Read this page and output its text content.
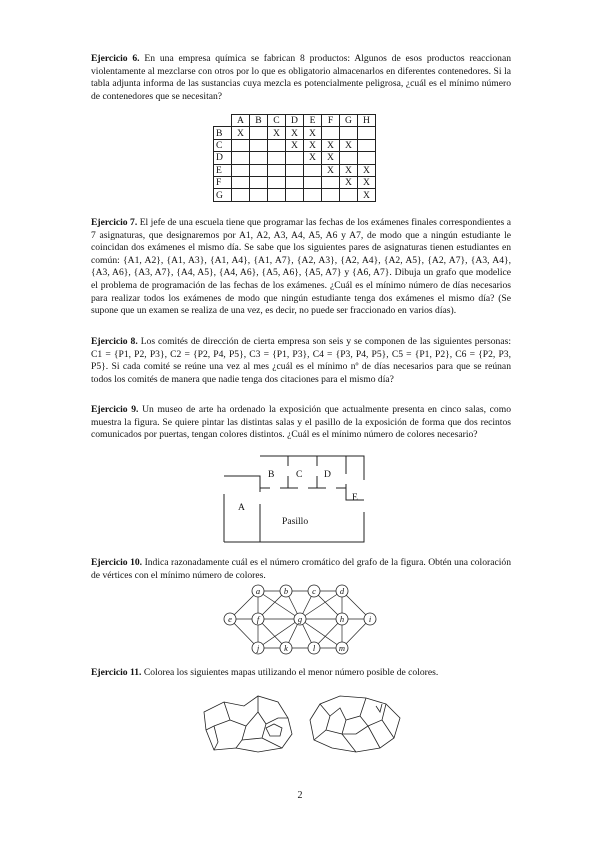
Ejercicio 6. En una empresa química se fabrican 8 productos: Algunos de esos productos reaccionan violentamente al mezclarse con otros por lo que es obligatorio almacenarlos en diferentes contenedores. Si la tabla adjunta informa de las sustancias cuya mezcla es potencialmente peligrosa, ¿cuál es el mínimo número de contenedores que se necesitan?
	A	B	C	D	E	F	G	H
B	X		X	X	X			
C				X	X	X	X	
D					X	X		
E						X	X	X
F							X	X
G								X
Ejercicio 7. El jefe de una escuela tiene que programar las fechas de los exámenes finales correspondientes a 7 asignaturas, que designaremos por A1, A2, A3, A4, A5, A6 y A7, de modo que a ningún estudiante le coincidan dos exámenes el mismo día. Se sabe que los siguientes pares de asignaturas tienen estudiantes en común: {A1, A2}, {A1, A3}, {A1, A4}, {A1, A7}, {A2, A3}, {A2, A4}, {A2, A5}, {A2, A7}, {A3, A4}, {A3, A6}, {A3, A7}, {A4, A5}, {A4, A6}, {A5, A6}, {A5, A7} y {A6, A7}. Dibuja un grafo que modelice el problema de programación de las fechas de los exámenes. ¿Cuál es el mínimo número de días necesarios para realizar todos los exámenes de modo que ningún estudiante tenga dos exámenes el mismo día? (Se supone que un examen se realiza de una vez, es decir, no puede ser fraccionado en varios días).
Ejercicio 8. Los comités de dirección de cierta empresa son seis y se componen de las siguientes personas: C1 = {P1, P2, P3}, C2 = {P2, P4, P5}, C3 = {P1, P3}, C4 = {P3, P4, P5}, C5 = {P1, P2}, C6 = {P2, P3, P5}. Si cada comité se reúne una vez al mes ¿cuál es el mínimo nº de días necesarios para que se reúnan todos los comités de manera que nadie tenga dos citaciones para el mismo día?
Ejercicio 9. Un museo de arte ha ordenado la exposición que actualmente presenta en cinco salas, como muestra la figura. Se quiere pintar las distintas salas y el pasillo de la exposición de forma que dos recintos comunicados por puertas, tengan colores distintos. ¿Cuál es el mínimo número de colores necesario?
B C D
A
E
Pasillo
Ejercicio 10. Indica razonadamente cuál es el número cromático del grafo de la figura. Obtén una coloración de vértices con el mínimo número de colores.
a	b	c	d
e	f	g	h	i
j	k	l	m
Ejercicio 11. Colorea los siguientes mapas utilizando el menor número posible de colores.
2
